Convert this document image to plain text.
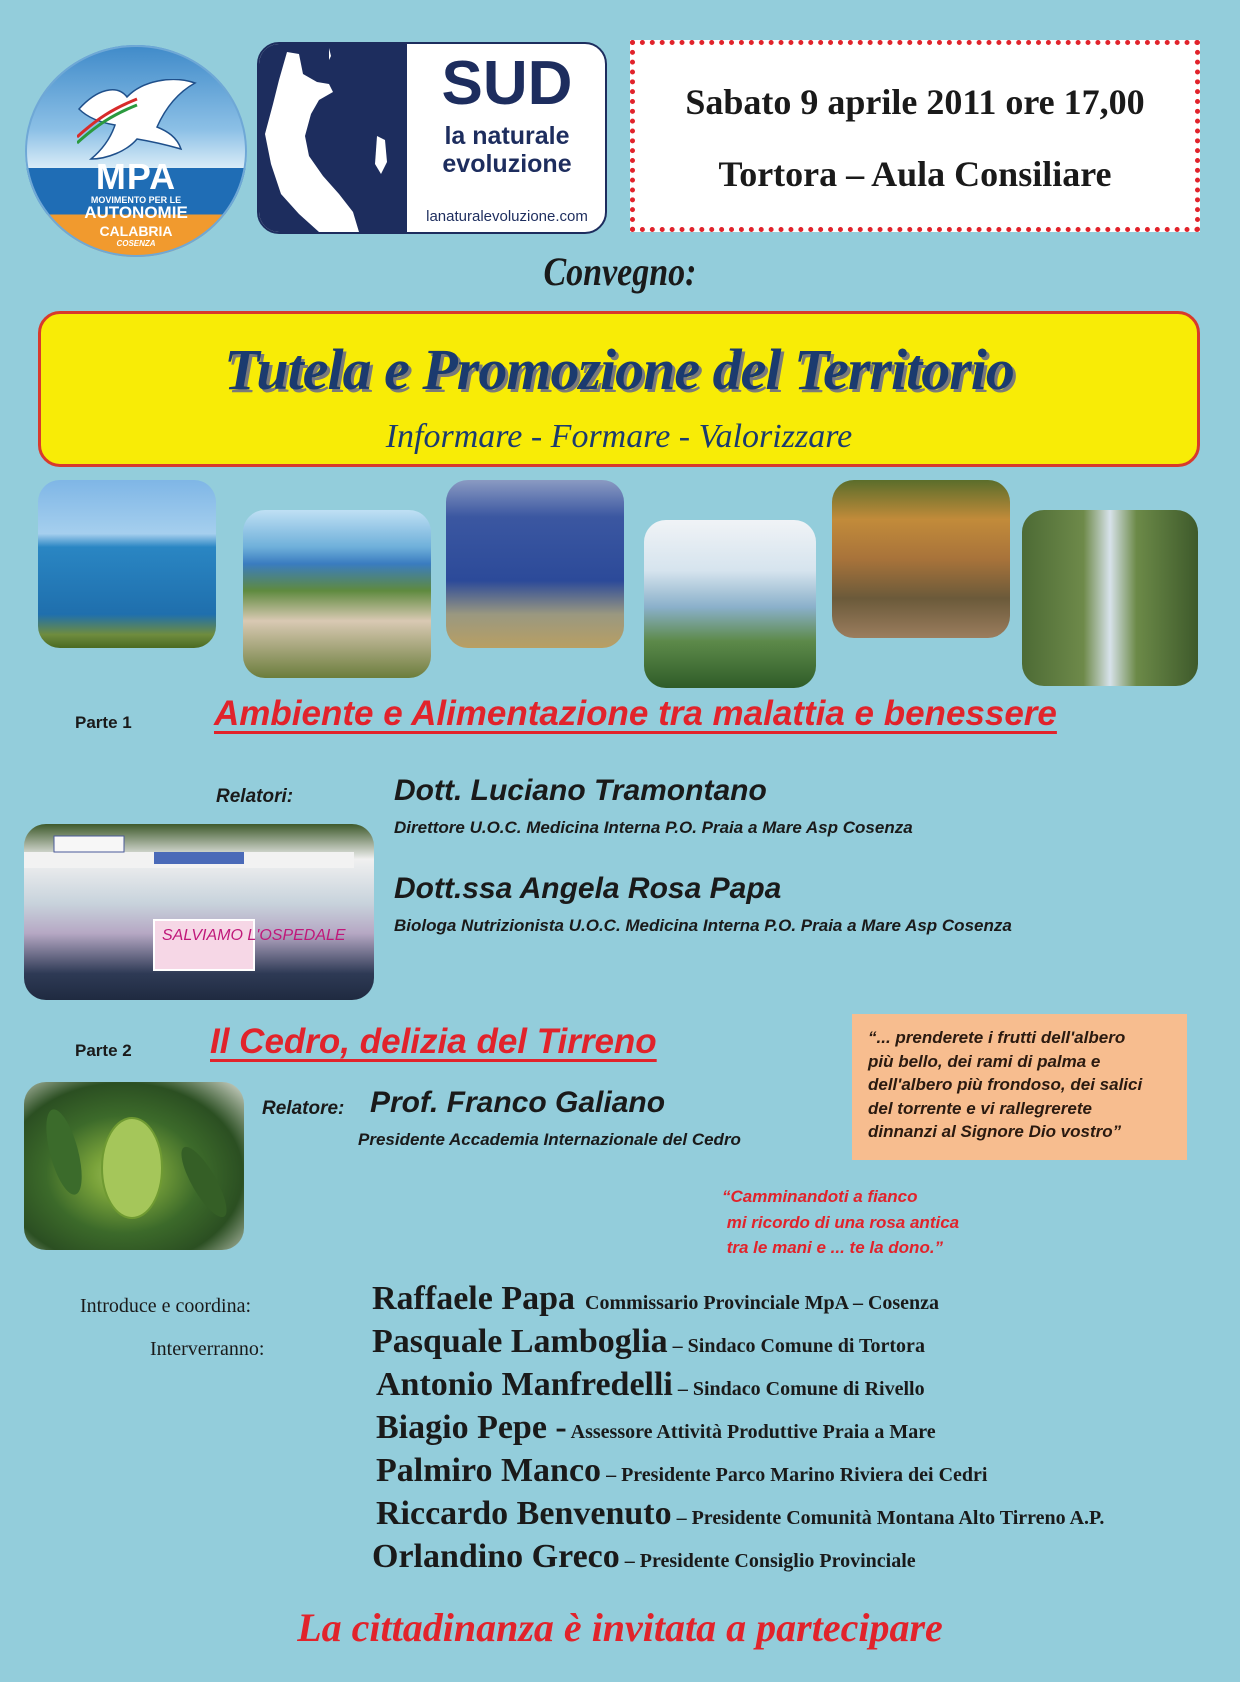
MPA
MOVIMENTO PER LE
AUTONOMIE
CALABRIA
COSENZA
SUD
la naturale
evoluzione
lanaturalevoluzione.com
Sabato 9 aprile 2011 ore 17,00
Tortora – Aula Consiliare
Convegno:
Tutela e Promozione del Territorio
Informare - Formare - Valorizzare
Parte 1 Ambiente e Alimentazione tra malattia e benessere
Relatori:	Dott. Luciano Tramontano
Direttore U.O.C. Medicina Interna P.O. Praia a Mare Asp Cosenza
SALVIAMO L'OSPEDALE
Dott.ssa Angela Rosa Papa
Biologa Nutrizionista U.O.C. Medicina Interna P.O. Praia a Mare Asp Cosenza
Parte 2 Il Cedro, delizia del Tirreno
Relatore: Prof. Franco Galiano
Presidente Accademia Internazionale del Cedro
“... prenderete i frutti dell'albero
più bello, dei rami di palma e
dell'albero più frondoso, dei salici
del torrente e vi rallegrerete
dinnanzi al Signore Dio vostro”
“Camminandoti a fianco
mi ricordo di una rosa antica
tra le mani e ... te la dono.”
Introduce e coordina:
Interverranno:
Raffaele Papa  Commissario Provinciale MpA – Cosenza
Pasquale Lamboglia – Sindaco Comune di Tortora
Antonio Manfredelli – Sindaco Comune di Rivello
Biagio Pepe - Assessore Attività Produttive Praia a Mare
Palmiro Manco – Presidente Parco Marino Riviera dei Cedri
Riccardo Benvenuto – Presidente Comunità Montana Alto Tirreno A.P.
Orlandino Greco – Presidente Consiglio Provinciale
La cittadinanza è invitata a partecipare
